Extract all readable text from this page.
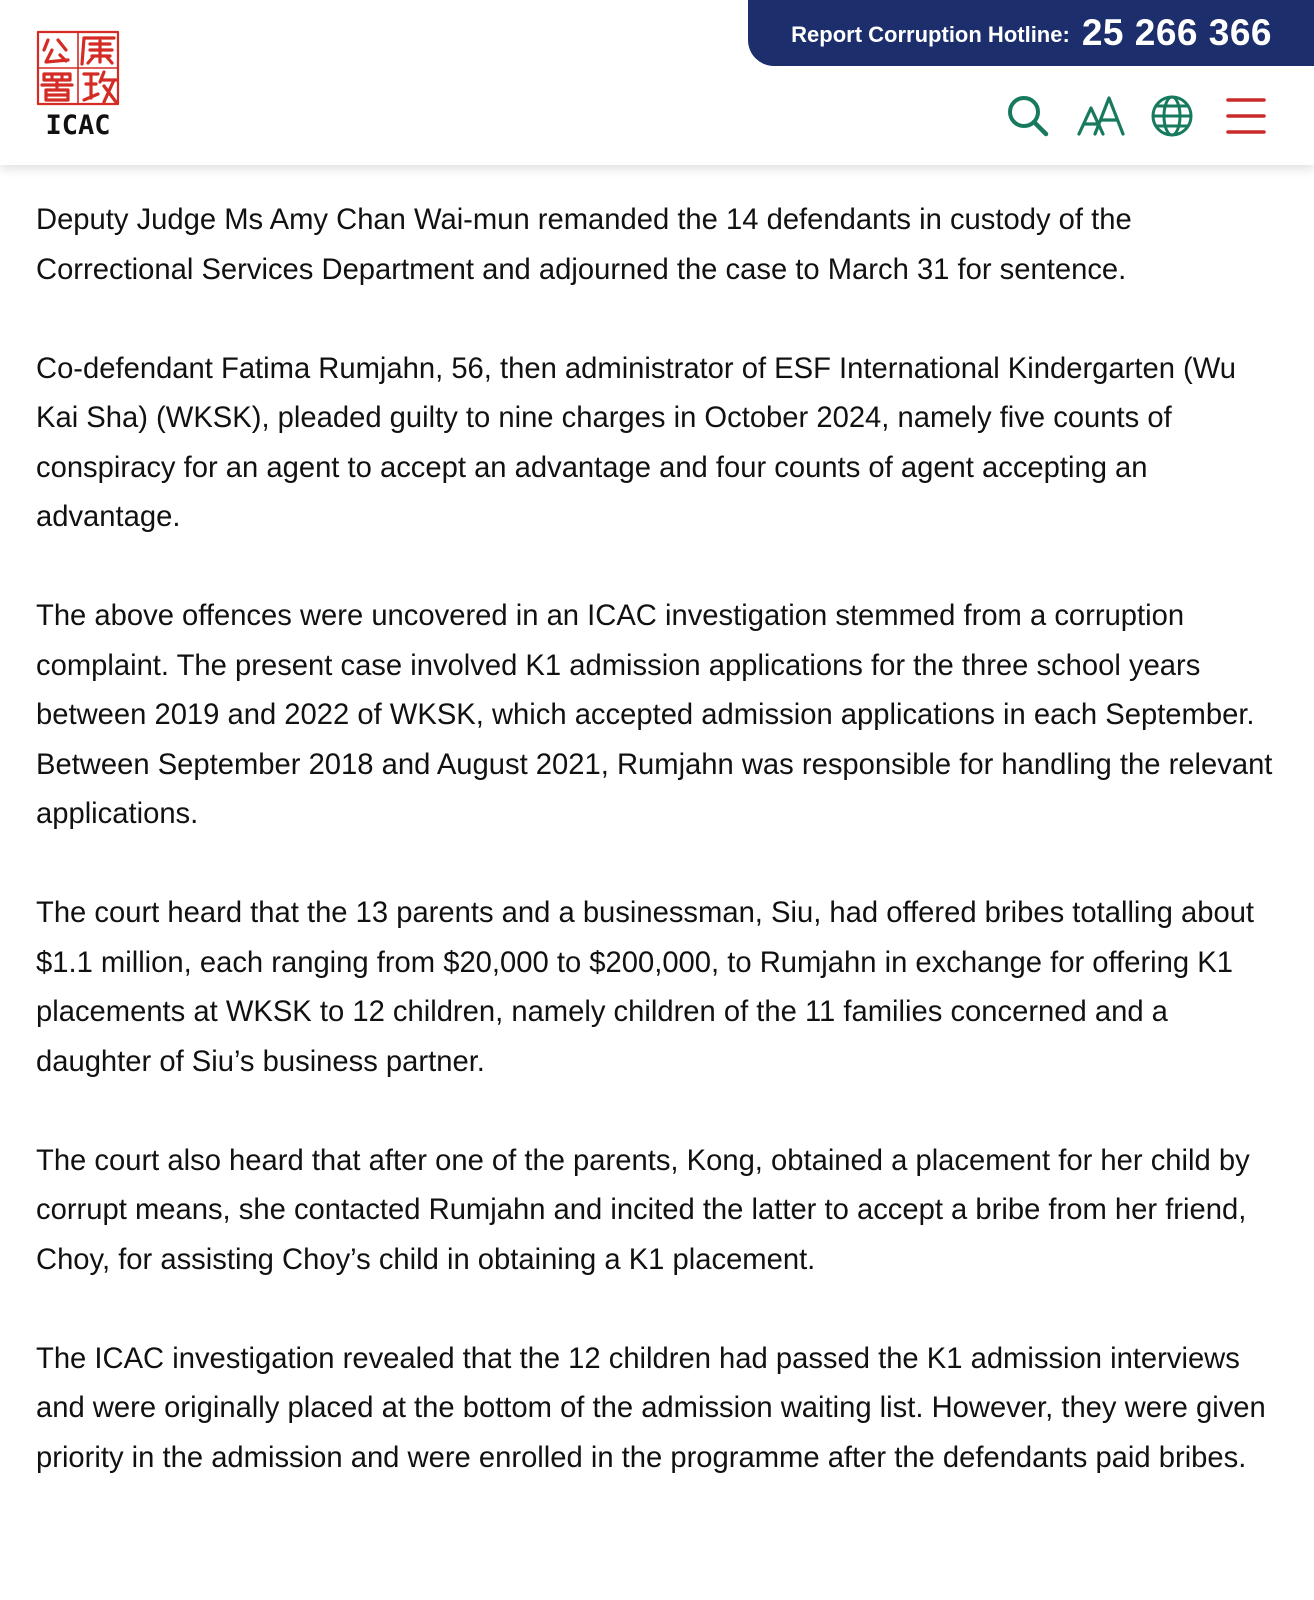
ICAC
Report Corruption Hotline: 25 266 366

Deputy Judge Ms Amy Chan Wai-mun remanded the 14 defendants in custody of the Correctional Services Department and adjourned the case to March 31 for sentence.

Co-defendant Fatima Rumjahn, 56, then administrator of ESF International Kindergarten (Wu Kai Sha) (WKSK), pleaded guilty to nine charges in October 2024, namely five counts of conspiracy for an agent to accept an advantage and four counts of agent accepting an advantage.

The above offences were uncovered in an ICAC investigation stemmed from a corruption complaint. The present case involved K1 admission applications for the three school years between 2019 and 2022 of WKSK, which accepted admission applications in each September. Between September 2018 and August 2021, Rumjahn was responsible for handling the relevant applications.

The court heard that the 13 parents and a businessman, Siu, had offered bribes totalling about $1.1 million, each ranging from $20,000 to $200,000, to Rumjahn in exchange for offering K1 placements at WKSK to 12 children, namely children of the 11 families concerned and a daughter of Siu’s business partner.

The court also heard that after one of the parents, Kong, obtained a placement for her child by corrupt means, she contacted Rumjahn and incited the latter to accept a bribe from her friend, Choy, for assisting Choy’s child in obtaining a K1 placement.

The ICAC investigation revealed that the 12 children had passed the K1 admission interviews and were originally placed at the bottom of the admission waiting list. However, they were given priority in the admission and were enrolled in the programme after the defendants paid bribes.
